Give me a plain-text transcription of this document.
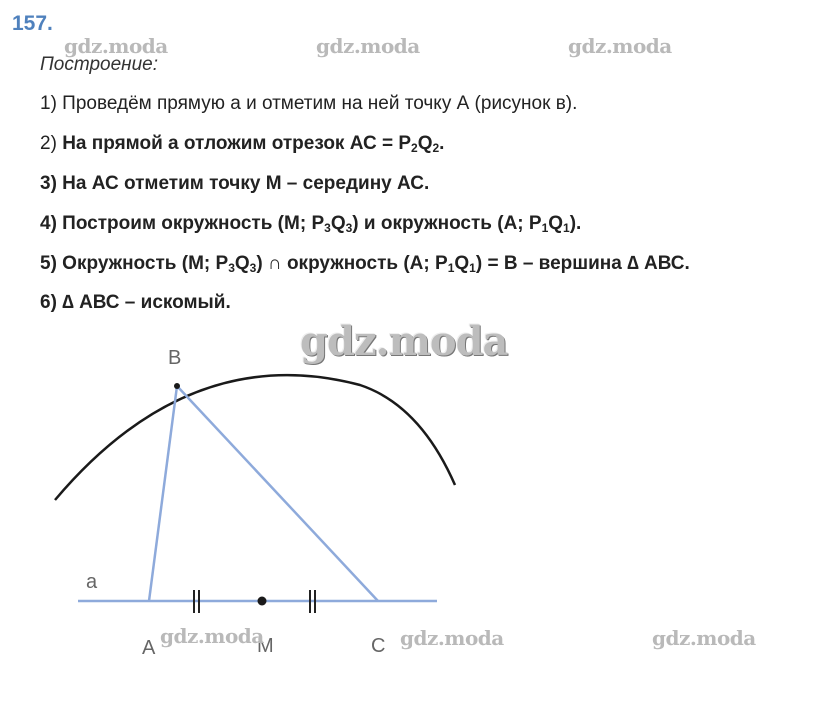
157.
gdz.moda	gdz.moda	gdz.moda
Построение:
1) Проведём прямую а и отметим на ней точку А (рисунок в).
2) На прямой а отложим отрезок АС = $Р_2Q_2$.
3) На АС отметим точку М – середину АС.
4) Построим окружность (М; $Р_3Q_3$) и окружность (А; $Р_1Q_1$).
5) Окружность (М; $Р_3Q_3$) ∩ окружность (А; $Р_1Q_1) = В$ – вершина ∆ АВС.
6) ∆ АВС – искомый.
gdz.moda
B
a
A	M	C
gdz.moda	gdz.moda	gdz.moda
